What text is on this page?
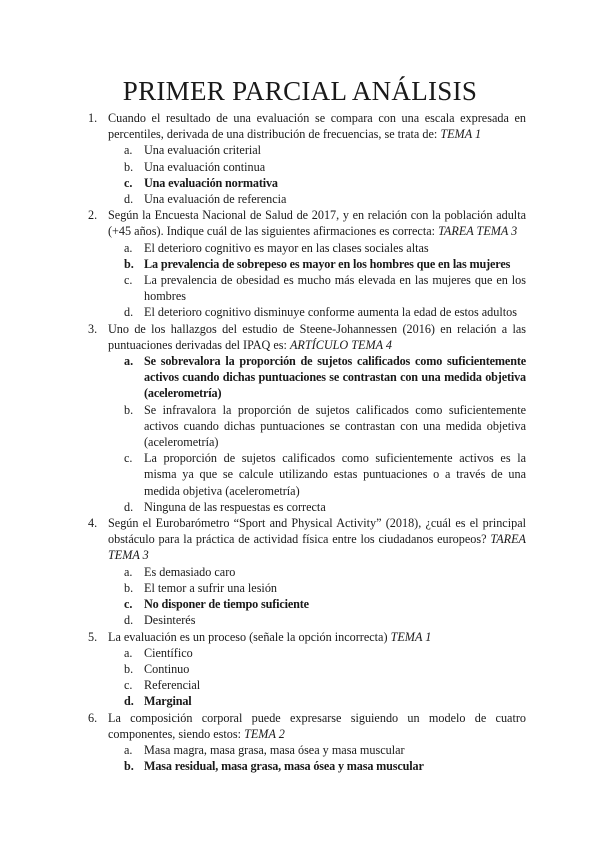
PRIMER PARCIAL ANÁLISIS
1. Cuando el resultado de una evaluación se compara con una escala expresada en percentiles, derivada de una distribución de frecuencias, se trata de: TEMA 1
a. Una evaluación criterial
b. Una evaluación continua
c. Una evaluación normativa
d. Una evaluación de referencia
2. Según la Encuesta Nacional de Salud de 2017, y en relación con la población adulta (+45 años). Indique cuál de las siguientes afirmaciones es correcta: TAREA TEMA 3
a. El deterioro cognitivo es mayor en las clases sociales altas
b. La prevalencia de sobrepeso es mayor en los hombres que en las mujeres
c. La prevalencia de obesidad es mucho más elevada en las mujeres que en los hombres
d. El deterioro cognitivo disminuye conforme aumenta la edad de estos adultos
3. Uno de los hallazgos del estudio de Steene-Johannessen (2016) en relación a las puntuaciones derivadas del IPAQ es: ARTÍCULO TEMA 4
a. Se sobrevalora la proporción de sujetos calificados como suficientemente activos cuando dichas puntuaciones se contrastan con una medida objetiva (acelerometría)
b. Se infravalora la proporción de sujetos calificados como suficientemente activos cuando dichas puntuaciones se contrastan con una medida objetiva (acelerometría)
c. La proporción de sujetos calificados como suficientemente activos es la misma ya que se calcule utilizando estas puntuaciones o a través de una medida objetiva (acelerometría)
d. Ninguna de las respuestas es correcta
4. Según el Eurobarómetro “Sport and Physical Activity” (2018), ¿cuál es el principal obstáculo para la práctica de actividad física entre los ciudadanos europeos? TAREA TEMA 3
a. Es demasiado caro
b. El temor a sufrir una lesión
c. No disponer de tiempo suficiente
d. Desinterés
5. La evaluación es un proceso (señale la opción incorrecta) TEMA 1
a. Científico
b. Continuo
c. Referencial
d. Marginal
6. La composición corporal puede expresarse siguiendo un modelo de cuatro componentes, siendo estos: TEMA 2
a. Masa magra, masa grasa, masa ósea y masa muscular
b. Masa residual, masa grasa, masa ósea y masa muscular
